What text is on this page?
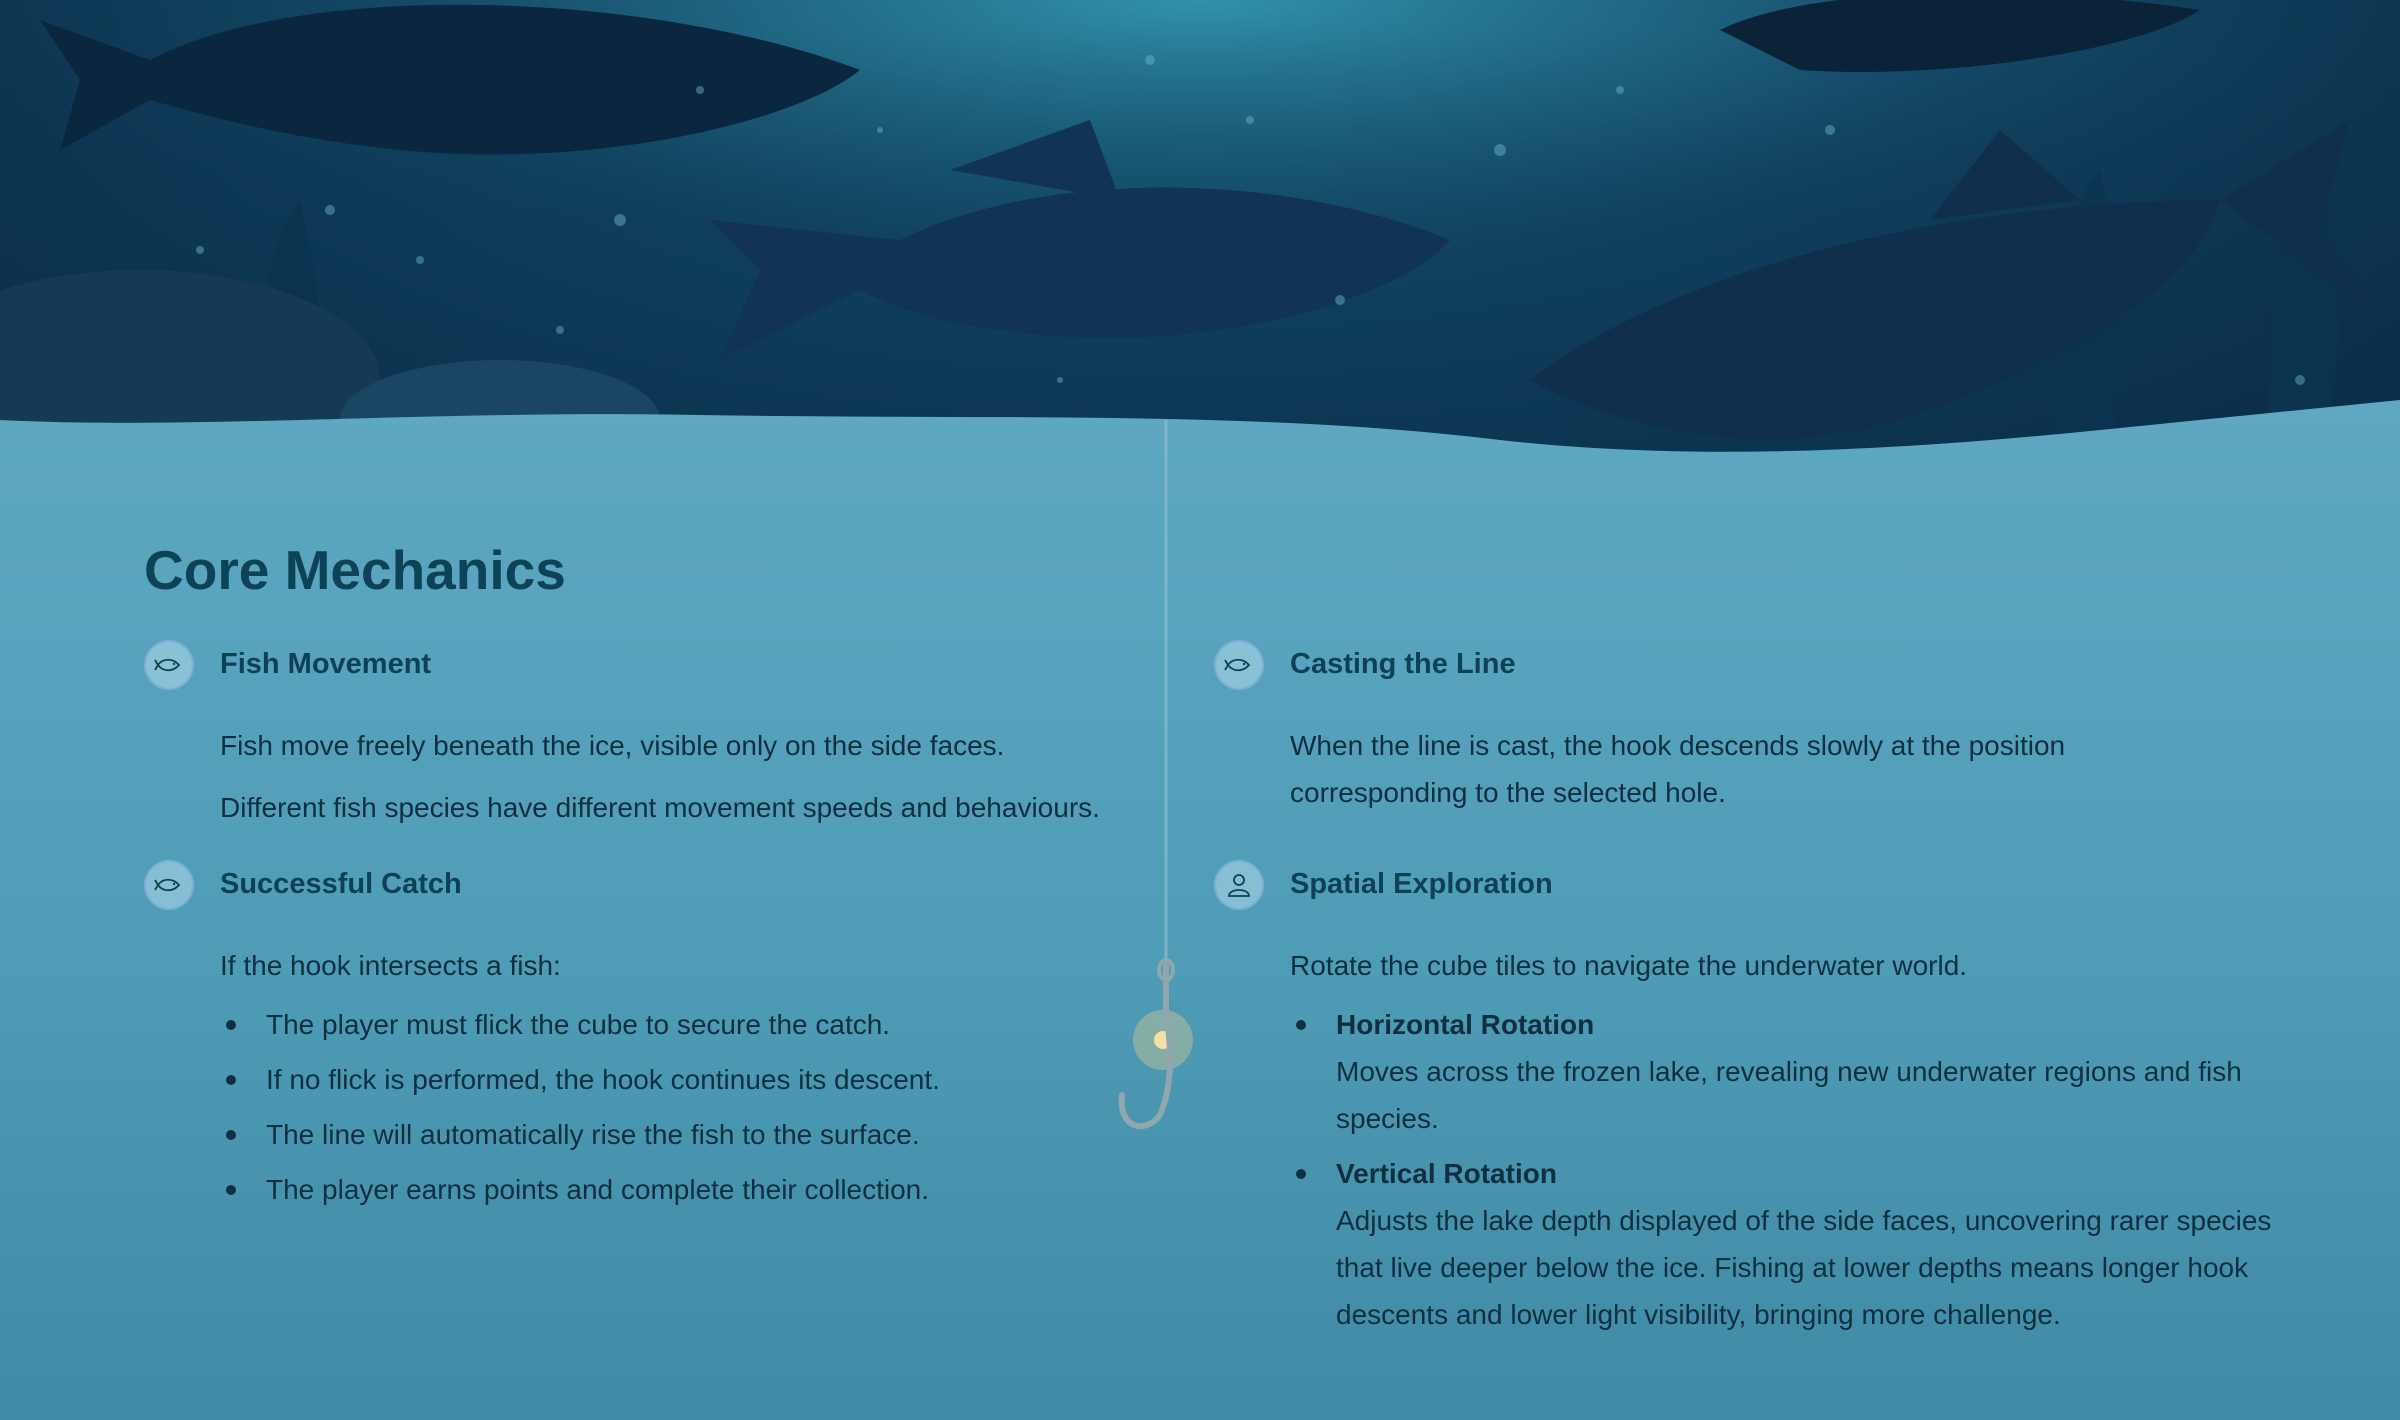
Core Mechanics
Fish Movement

Fish move freely beneath the ice, visible only on the side faces.

Different fish species have different movement speeds and behaviours.

Casting the Line

When the line is cast, the hook descends slowly at the position corresponding to the selected hole.

Successful Catch

If the hook intersects a fish:

The player must flick the cube to secure the catch.
If no flick is performed, the hook continues its descent.
The line will automatically rise the fish to the surface.
The player earns points and complete their collection.
Spatial Exploration

Rotate the cube tiles to navigate the underwater world.

Horizontal Rotation
Moves across the frozen lake, revealing new underwater regions and fish species.
Vertical Rotation
Adjusts the lake depth displayed of the side faces, uncovering rarer species that live deeper below the ice. Fishing at lower depths means longer hook descents and lower light visibility, bringing more challenge.
